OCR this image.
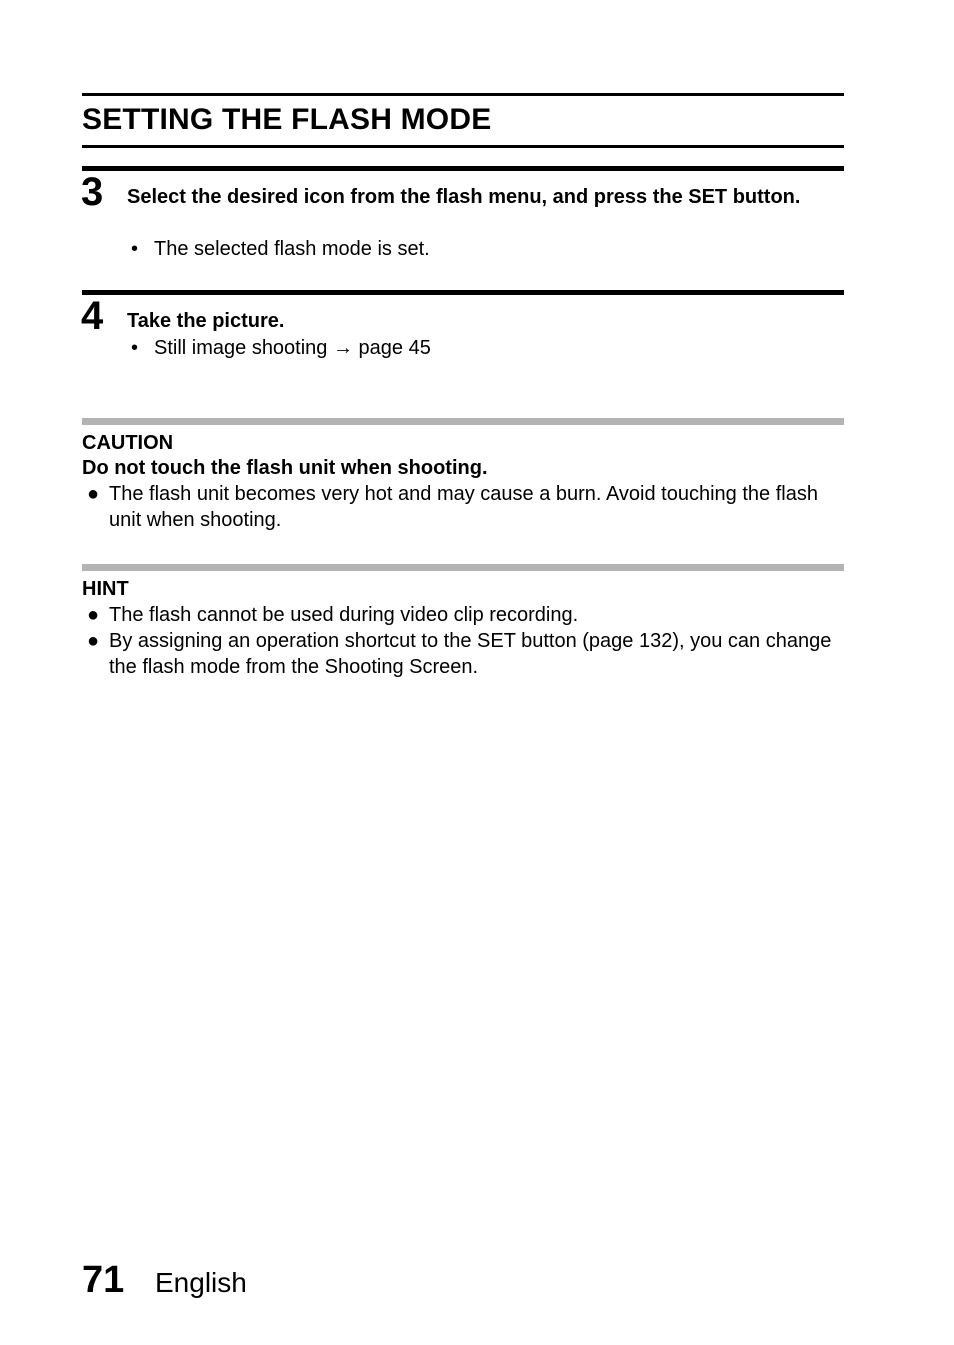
SETTING THE FLASH MODE
3 Select the desired icon from the flash menu, and press the SET button.
• The selected flash mode is set.
4 Take the picture.
• Still image shooting → page 45
CAUTION
Do not touch the flash unit when shooting.
● The flash unit becomes very hot and may cause a burn. Avoid touching the flash unit when shooting.
HINT
● The flash cannot be used during video clip recording.
● By assigning an operation shortcut to the SET button (page 132), you can change the flash mode from the Shooting Screen.
71 English
